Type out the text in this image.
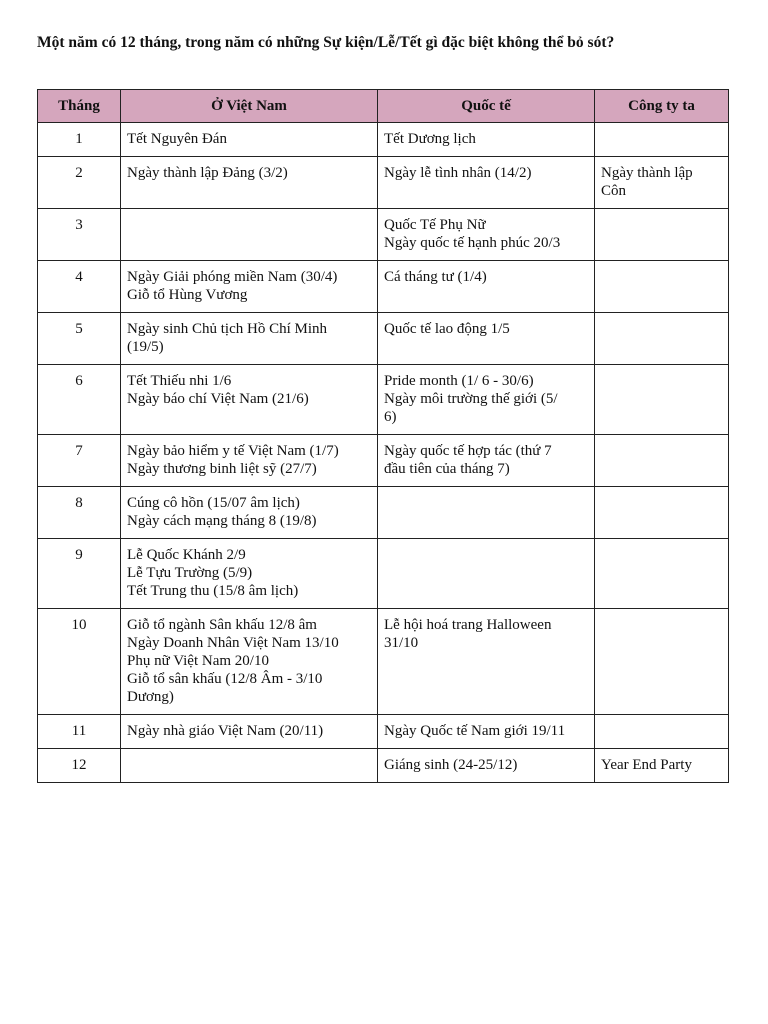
Một năm có 12 tháng, trong năm có những Sự kiện/Lễ/Tết gì đặc biệt không thể bỏ sót?
Tháng	Ở Việt Nam	Quốc tế	Công ty ta
1	Tết Nguyên Đán	Tết Dương lịch	

2	Ngày thành lập Đảng (3/2)	Ngày lễ tình nhân (14/2)	Ngày thành lập
Côn

3		Quốc Tế Phụ Nữ
Ngày quốc tế hạnh phúc 20/3	

4	Ngày Giải phóng miền Nam (30/4)
Giỗ tổ Hùng Vương	Cá tháng tư (1/4)	

5	Ngày sinh Chủ tịch Hồ Chí Minh
(19/5)	Quốc tế lao động 1/5	

6	Tết Thiếu nhi 1/6
Ngày báo chí Việt Nam (21/6)	Pride month (1/ 6 - 30/6)
Ngày môi trường thế giới (5/
6)	

7	Ngày bảo hiểm y tế Việt Nam (1/7)
Ngày thương binh liệt sỹ (27/7)	Ngày quốc tế hợp tác (thứ 7
đầu tiên của tháng 7)	

8	Cúng cô hồn (15/07 âm lịch)
Ngày cách mạng tháng 8 (19/8)		

9	Lễ Quốc Khánh 2/9
Lễ Tựu Trường (5/9)
Tết Trung thu (15/8 âm lịch)		

10	Giỗ tổ ngành Sân khấu 12/8 âm
Ngày Doanh Nhân Việt Nam 13/10
Phụ nữ Việt Nam 20/10
Giỗ tổ sân khấu (12/8 Âm - 3/10
Dương)	Lễ hội hoá trang Halloween
31/10	

11	Ngày nhà giáo Việt Nam (20/11)	Ngày Quốc tế Nam giới 19/11	

12		Giáng sinh (24-25/12)	Year End Party
